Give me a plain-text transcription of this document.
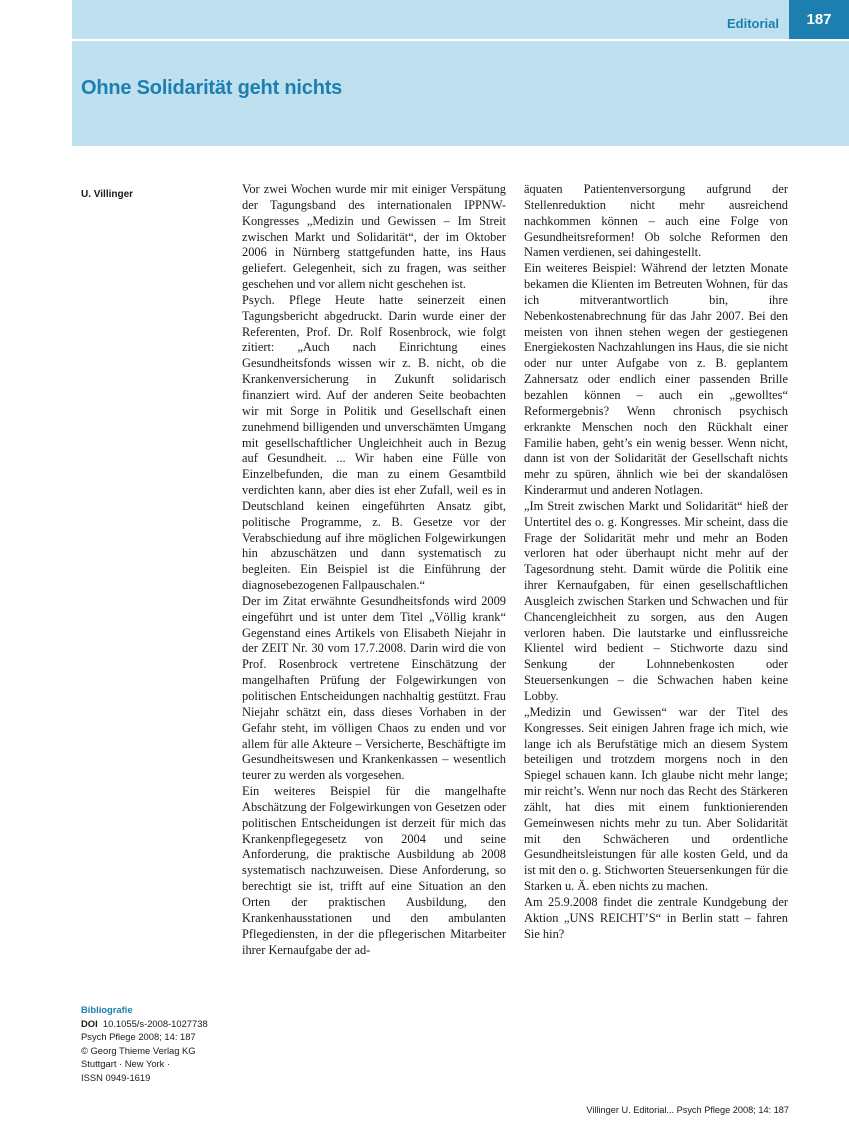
Editorial	187
Ohne Solidarität geht nichts
U. Villinger	Vor zwei Wochen wurde mir mit einiger Verspätung der Tagungsband des internationalen IPPNW-Kongresses „Medizin und Gewissen – Im Streit zwischen Markt und Solidarität“, der im Oktober 2006 in Nürnberg stattgefunden hatte, ins Haus geliefert. Gelegenheit, sich zu fragen, was seither geschehen und vor allem nicht geschehen ist.

Psych. Pflege Heute hatte seinerzeit einen Tagungsbericht abgedruckt. Darin wurde einer der Referenten, Prof. Dr. Rolf Rosenbrock, wie folgt zitiert: „Auch nach Einrichtung eines Gesundheitsfonds wissen wir z. B. nicht, ob die Krankenversicherung in Zukunft solidarisch finanziert wird. Auf der anderen Seite beobachten wir mit Sorge in Politik und Gesellschaft einen zunehmend billigenden und unverschämten Umgang mit gesellschaftlicher Ungleichheit auch in Bezug auf Gesundheit. ... Wir haben eine Fülle von Einzelbefunden, die man zu einem Gesamtbild verdichten kann, aber dies ist eher Zufall, weil es in Deutschland keinen eingeführten Ansatz gibt, politische Programme, z. B. Gesetze vor der Verabschiedung auf ihre möglichen Folgewirkungen hin abzuschätzen und dann systematisch zu begleiten. Ein Beispiel ist die Einführung der diagnosebezogenen Fallpauschalen.“

Der im Zitat erwähnte Gesundheitsfonds wird 2009 eingeführt und ist unter dem Titel „Völlig krank“ Gegenstand eines Artikels von Elisabeth Niejahr in der ZEIT Nr. 30 vom 17.7.2008. Darin wird die von Prof. Rosenbrock vertretene Einschätzung der mangelhaften Prüfung der Folgewirkungen von politischen Entscheidungen nachhaltig gestützt. Frau Niejahr schätzt ein, dass dieses Vorhaben in der Gefahr steht, im völligen Chaos zu enden und vor allem für alle Akteure – Versicherte, Beschäftigte im Gesundheitswesen und Krankenkassen – wesentlich teurer zu werden als vorgesehen.

Ein weiteres Beispiel für die mangelhafte Abschätzung der Folgewirkungen von Gesetzen oder politischen Entscheidungen ist derzeit für mich das Krankenpflegegesetz von 2004 und seine Anforderung, die praktische Ausbildung ab 2008 systematisch nachzuweisen. Diese Anforderung, so berechtigt sie ist, trifft auf eine Situation an den Orten der praktischen Ausbildung, den Krankenhausstationen und den ambulanten Pflegediensten, in der die pflegerischen Mitarbeiter ihrer Kernaufgabe der ad-

äquaten Patientenversorgung aufgrund der Stellenreduktion nicht mehr ausreichend nachkommen können – auch eine Folge von Gesundheitsreformen! Ob solche Reformen den Namen verdienen, sei dahingestellt.

Ein weiteres Beispiel: Während der letzten Monate bekamen die Klienten im Betreuten Wohnen, für das ich mitverantwortlich bin, ihre Nebenkostenabrechnung für das Jahr 2007. Bei den meisten von ihnen stehen wegen der gestiegenen Energiekosten Nachzahlungen ins Haus, die sie nicht oder nur unter Aufgabe von z. B. geplantem Zahnersatz oder endlich einer passenden Brille bezahlen können – auch ein „gewolltes“ Reformergebnis? Wenn chronisch psychisch erkrankte Menschen noch den Rückhalt einer Familie haben, geht’s ein wenig besser. Wenn nicht, dann ist von der Solidarität der Gesellschaft nichts mehr zu spüren, ähnlich wie bei der skandalösen Kinderarmut und anderen Notlagen.

„Im Streit zwischen Markt und Solidarität“ hieß der Untertitel des o. g. Kongresses. Mir scheint, dass die Frage der Solidarität mehr und mehr an Boden verloren hat oder überhaupt nicht mehr auf der Tagesordnung steht. Damit würde die Politik eine ihrer Kernaufgaben, für einen gesellschaftlichen Ausgleich zwischen Starken und Schwachen und für Chancengleichheit zu sorgen, aus den Augen verloren haben. Die lautstarke und einflussreiche Klientel wird bedient – Stichworte dazu sind Senkung der Lohnnebenkosten oder Steuersenkungen – die Schwachen haben keine Lobby.

„Medizin und Gewissen“ war der Titel des Kongresses. Seit einigen Jahren frage ich mich, wie lange ich als Berufstätige mich an diesem System beteiligen und trotzdem morgens noch in den Spiegel schauen kann. Ich glaube nicht mehr lange; mir reicht’s. Wenn nur noch das Recht des Stärkeren zählt, hat dies mit einem funktionierenden Gemeinwesen nichts mehr zu tun. Aber Solidarität mit den Schwächeren und ordentliche Gesundheitsleistungen für alle kosten Geld, und da ist mit den o. g. Stichworten Steuersenkungen für die Starken u. Ä. eben nichts zu machen.

Am 25.9.2008 findet die zentrale Kundgebung der Aktion „UNS REICHT’S“ in Berlin statt – fahren Sie hin?

Bibliografie
DOI 10.1055/s-2008-1027738
Psych Pflege 2008; 14: 187
© Georg Thieme Verlag KG
Stuttgart · New York ·
ISSN 0949-1619
Villinger U. Editorial... Psych Pflege 2008; 14: 187
